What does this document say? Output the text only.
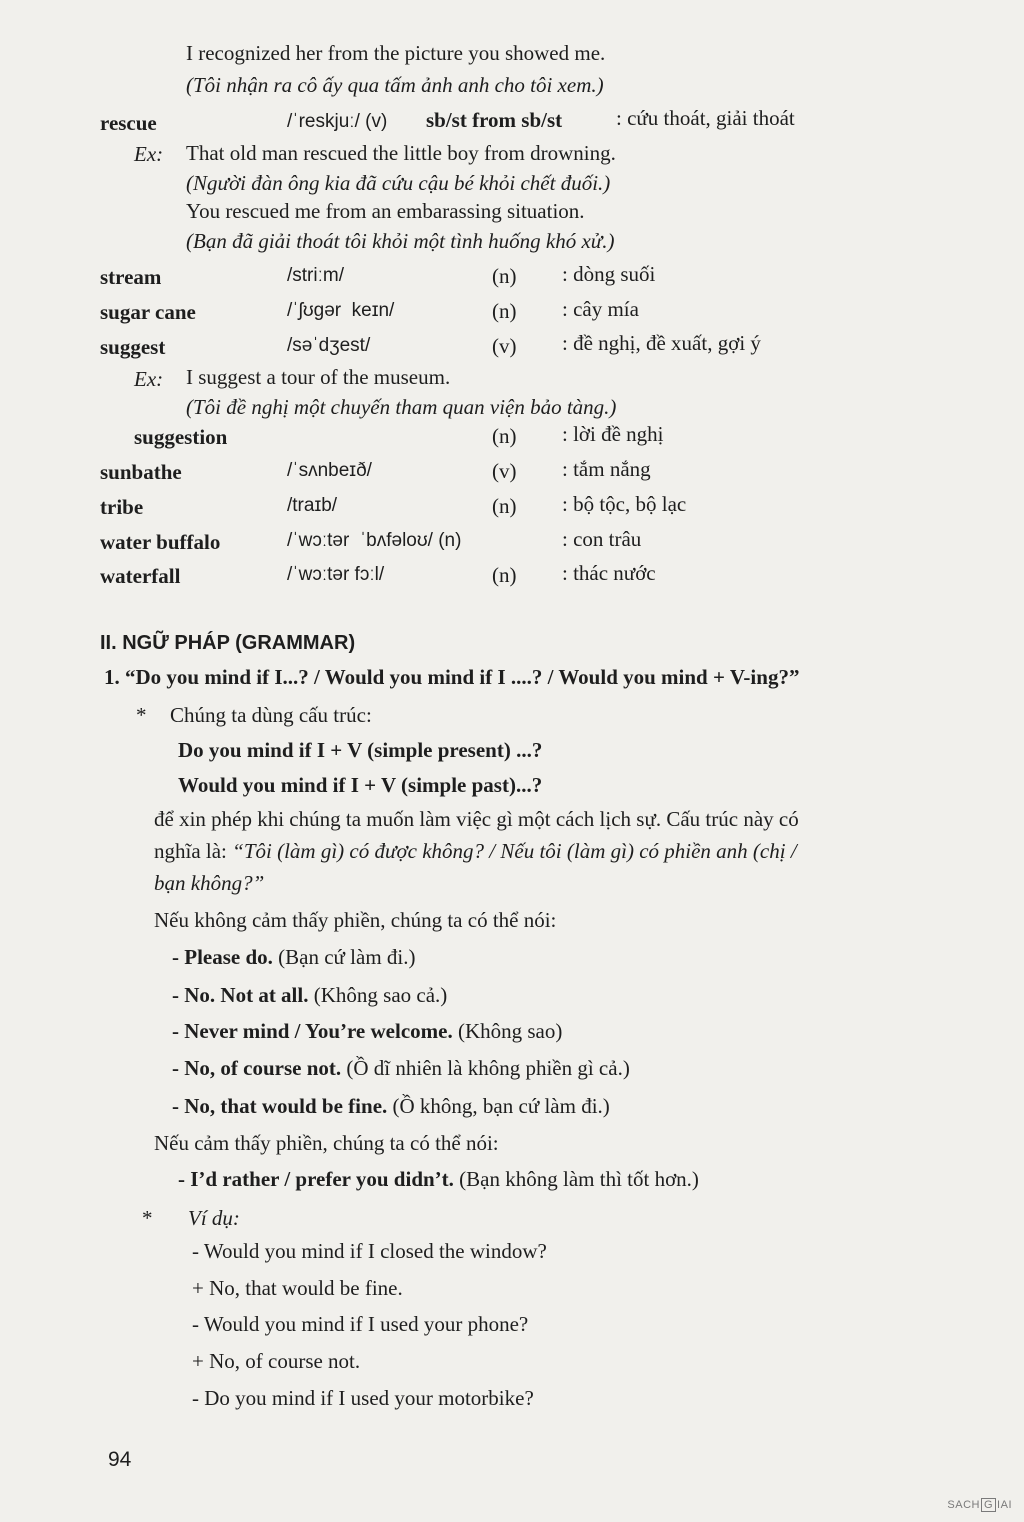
I recognized her from the picture you showed me.
(Tôi nhận ra cô ấy qua tấm ảnh anh cho tôi xem.)
rescue	/ˈreskjuː/ (v) sb/st from sb/st	: cứu thoát, giải thoát
Ex: That old man rescued the little boy from drowning.
(Người đàn ông kia đã cứu cậu bé khỏi chết đuối.)
You rescued me from an embarassing situation.
(Bạn đã giải thoát tôi khỏi một tình huống khó xử.)
stream	/striːm/	(n) : dòng suối
sugar cane	/ˈʃʊgər  keɪn/	(n) : cây mía
suggest	/səˈdʒest/	(v) : đề nghị, đề xuất, gợi ý
Ex: I suggest a tour of the museum.
(Tôi đề nghị một chuyến tham quan viện bảo tàng.)
suggestion	(n) : lời đề nghị
sunbathe	/ˈsʌnbeɪð/	(v) : tắm nắng
tribe	/traɪb/	(n) : bộ tộc, bộ lạc
water buffalo	/ˈwɔːtər  ˈbʌfəloʊ/ (n)	: con trâu
waterfall	/ˈwɔːtər fɔːl/	(n) : thác nước
II. NGỮ PHÁP (GRAMMAR)
1. “Do you mind if I...? / Would you mind if I ....? / Would you mind + V-ing?”
* Chúng ta dùng cấu trúc:
Do you mind if I + V (simple present) ...?
Would you mind if I + V (simple past)...?
để xin phép khi chúng ta muốn làm việc gì một cách lịch sự. Cấu trúc này có
nghĩa là: “Tôi (làm gì) có được không? / Nếu tôi (làm gì) có phiền anh (chị /
bạn không?”
Nếu không cảm thấy phiền, chúng ta có thể nói:
- Please do. (Bạn cứ làm đi.)
- No. Not at all. (Không sao cả.)
- Never mind / You’re welcome. (Không sao)
- No, of course not. (Ồ dĩ nhiên là không phiền gì cả.)
- No, that would be fine. (Ồ không, bạn cứ làm đi.)
Nếu cảm thấy phiền, chúng ta có thể nói:
- I’d rather / prefer you didn’t. (Bạn không làm thì tốt hơn.)
* Ví dụ:
- Would you mind if I closed the window?
+ No, that would be fine.
- Would you mind if I used your phone?
+ No, of course not.
- Do you mind if I used your motorbike?
94
SACH G IAI
